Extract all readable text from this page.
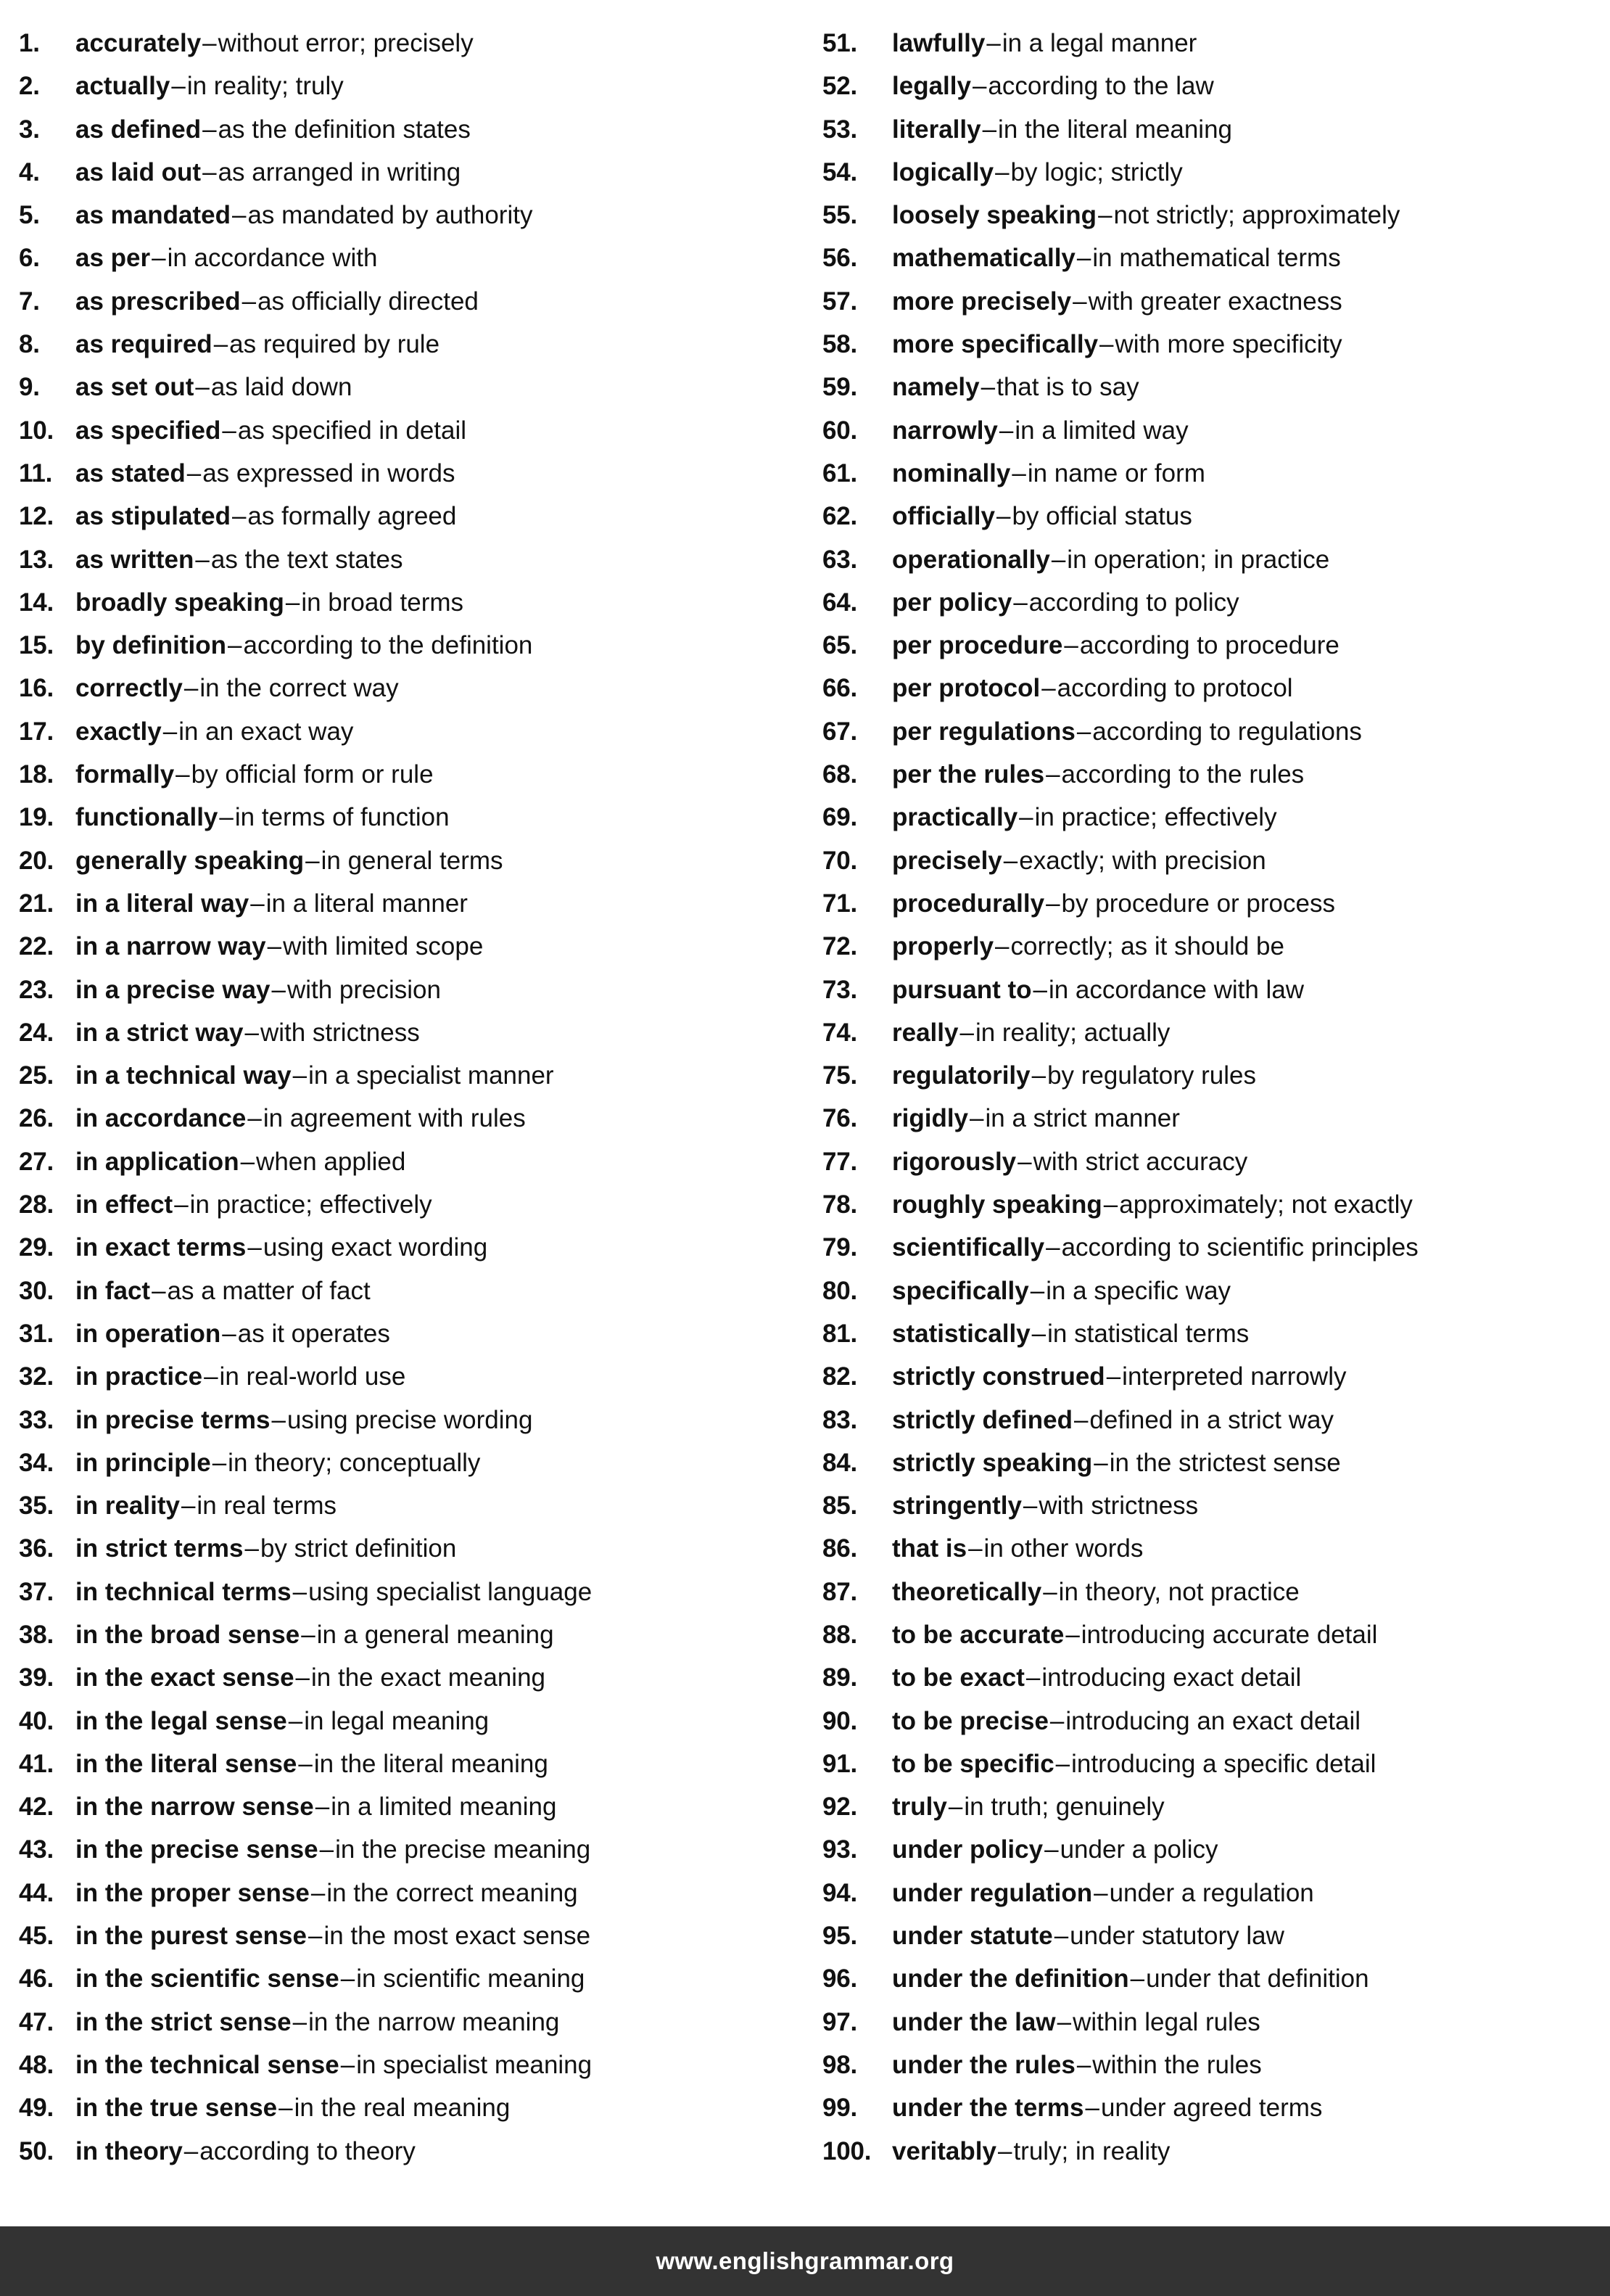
1.	accurately – without error; precisely
2.	actually – in reality; truly
3.	as defined – as the definition states
4.	as laid out – as arranged in writing
5.	as mandated – as mandated by authority
6.	as per – in accordance with
7.	as prescribed – as officially directed
8.	as required – as required by rule
9.	as set out – as laid down
10. as specified – as specified in detail
11. as stated – as expressed in words
12. as stipulated – as formally agreed
13. as written – as the text states
14. broadly speaking – in broad terms
15. by definition – according to the definition
16. correctly – in the correct way
17. exactly – in an exact way
18. formally – by official form or rule
19. functionally – in terms of function
20. generally speaking – in general terms
21. in a literal way – in a literal manner
22. in a narrow way – with limited scope
23. in a precise way – with precision
24. in a strict way – with strictness
25. in a technical way – in a specialist manner
26. in accordance – in agreement with rules
27. in application – when applied
28. in effect – in practice; effectively
29. in exact terms – using exact wording
30. in fact – as a matter of fact
31. in operation – as it operates
32. in practice – in real-world use
33. in precise terms – using precise wording
34. in principle – in theory; conceptually
35. in reality – in real terms
36. in strict terms – by strict definition
37. in technical terms – using specialist language
38. in the broad sense – in a general meaning
39. in the exact sense – in the exact meaning
40. in the legal sense – in legal meaning
41. in the literal sense – in the literal meaning
42. in the narrow sense – in a limited meaning
43. in the precise sense – in the precise meaning
44. in the proper sense – in the correct meaning
45. in the purest sense – in the most exact sense
46. in the scientific sense – in scientific meaning
47. in the strict sense – in the narrow meaning
48. in the technical sense – in specialist meaning
49. in the true sense – in the real meaning
50. in theory – according to theory
51.	lawfully – in a legal manner
52.	legally – according to the law
53.	literally – in the literal meaning
54.	logically – by logic; strictly
55.	loosely speaking – not strictly; approximately
56.	mathematically – in mathematical terms
57.	more precisely – with greater exactness
58.	more specifically – with more specificity
59.	namely – that is to say
60.	narrowly – in a limited way
61.	nominally – in name or form
62.	officially – by official status
63.	operationally – in operation; in practice
64.	per policy – according to policy
65.	per procedure – according to procedure
66.	per protocol – according to protocol
67.	per regulations – according to regulations
68.	per the rules – according to the rules
69.	practically – in practice; effectively
70.	precisely – exactly; with precision
71.	procedurally – by procedure or process
72.	properly – correctly; as it should be
73.	pursuant to – in accordance with law
74.	really – in reality; actually
75.	regulatorily – by regulatory rules
76.	rigidly – in a strict manner
77.	rigorously – with strict accuracy
78.	roughly speaking – approximately; not exactly
79.	scientifically – according to scientific principles
80.	specifically – in a specific way
81.	statistically – in statistical terms
82.	strictly construed – interpreted narrowly
83.	strictly defined – defined in a strict way
84.	strictly speaking – in the strictest sense
85.	stringently – with strictness
86.	that is – in other words
87.	theoretically – in theory, not practice
88.	to be accurate – introducing accurate detail
89.	to be exact – introducing exact detail
90.	to be precise – introducing an exact detail
91.	to be specific – introducing a specific detail
92.	truly – in truth; genuinely
93.	under policy – under a policy
94.	under regulation – under a regulation
95.	under statute – under statutory law
96.	under the definition – under that definition
97.	under the law – within legal rules
98.	under the rules – within the rules
99.	under the terms – under agreed terms
100. veritably – truly; in reality
www.englishgrammar.org
